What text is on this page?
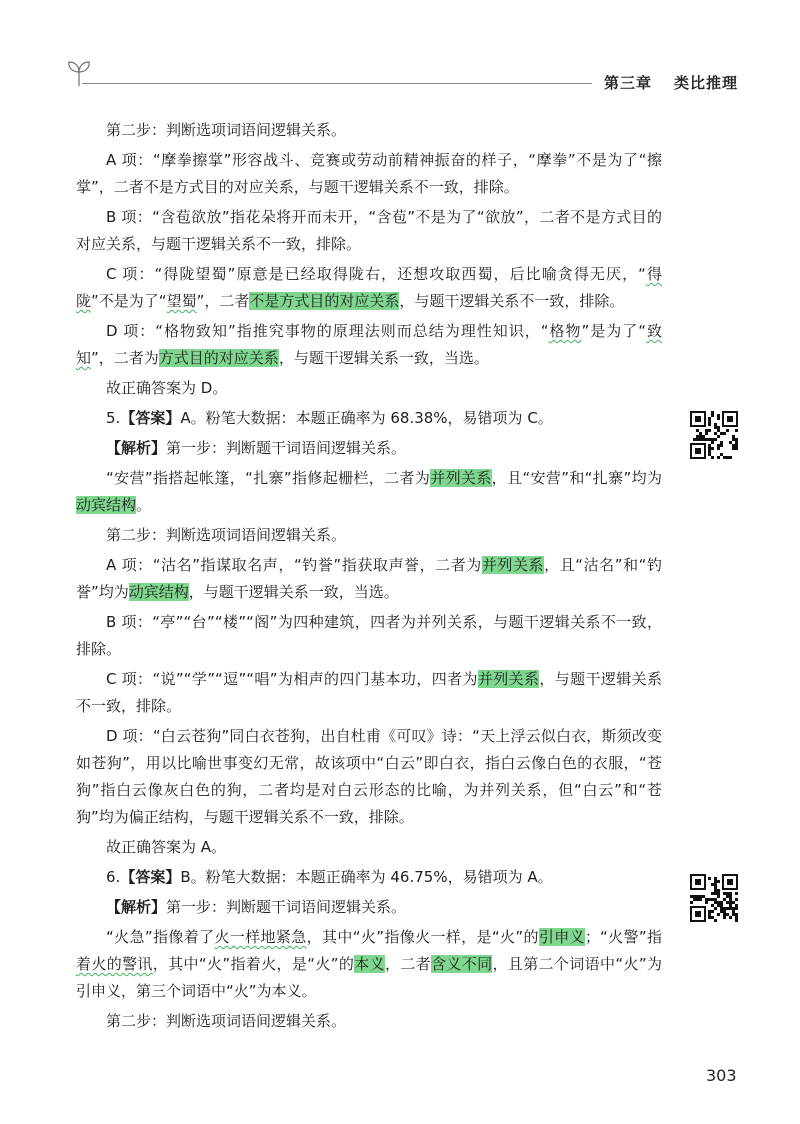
第三章 类比推理

第二步：判断选项词语间逻辑关系。

A 项：“摩拳擦掌”形容战斗、竞赛或劳动前精神振奋的样子，“摩拳”不是为了“擦掌”，二者不是方式目的对应关系，与题干逻辑关系不一致，排除。

B 项：“含苞欲放”指花朵将开而未开，“含苞”不是为了“欲放”，二者不是方式目的对应关系，与题干逻辑关系不一致，排除。

C 项：“得陇望蜀”原意是已经取得陇右，还想攻取西蜀，后比喻贪得无厌，“得陇”不是为了“望蜀”，二者不是方式目的对应关系，与题干逻辑关系不一致，排除。

D 项：“格物致知”指推究事物的原理法则而总结为理性知识，“格物”是为了“致知”，二者为方式目的对应关系，与题干逻辑关系一致，当选。

故正确答案为 D。

5.【答案】A。粉笔大数据：本题正确率为 68.38%，易错项为 C。

【解析】第一步：判断题干词语间逻辑关系。

“安营”指搭起帐篷，“扎寨”指修起栅栏，二者为并列关系，且“安营”和“扎寨”均为动宾结构。

第二步：判断选项词语间逻辑关系。

A 项：“沽名”指谋取名声，“钓誉”指获取声誉，二者为并列关系，且“沽名”和“钓誉”均为动宾结构，与题干逻辑关系一致，当选。

B 项：“亭”“台”“楼”“阁”为四种建筑，四者为并列关系，与题干逻辑关系不一致，排除。

C 项：“说”“学”“逗”“唱”为相声的四门基本功，四者为并列关系，与题干逻辑关系不一致，排除。

D 项：“白云苍狗”同白衣苍狗，出自杜甫《可叹》诗：“天上浮云似白衣，斯须改变如苍狗”，用以比喻世事变幻无常，故该项中“白云”即白衣，指白云像白色的衣服，“苍狗”指白云像灰白色的狗，二者均是对白云形态的比喻，为并列关系，但“白云”和“苍狗”均为偏正结构，与题干逻辑关系不一致，排除。

故正确答案为 A。

6.【答案】B。粉笔大数据：本题正确率为 46.75%，易错项为 A。

【解析】第一步：判断题干词语间逻辑关系。

“火急”指像着了火一样地紧急，其中“火”指像火一样，是“火”的引申义；“火警”指着火的警讯，其中“火”指着火，是“火”的本义，二者含义不同，且第二个词语中“火”为引申义，第三个词语中“火”为本义。

第二步：判断选项词语间逻辑关系。

303
